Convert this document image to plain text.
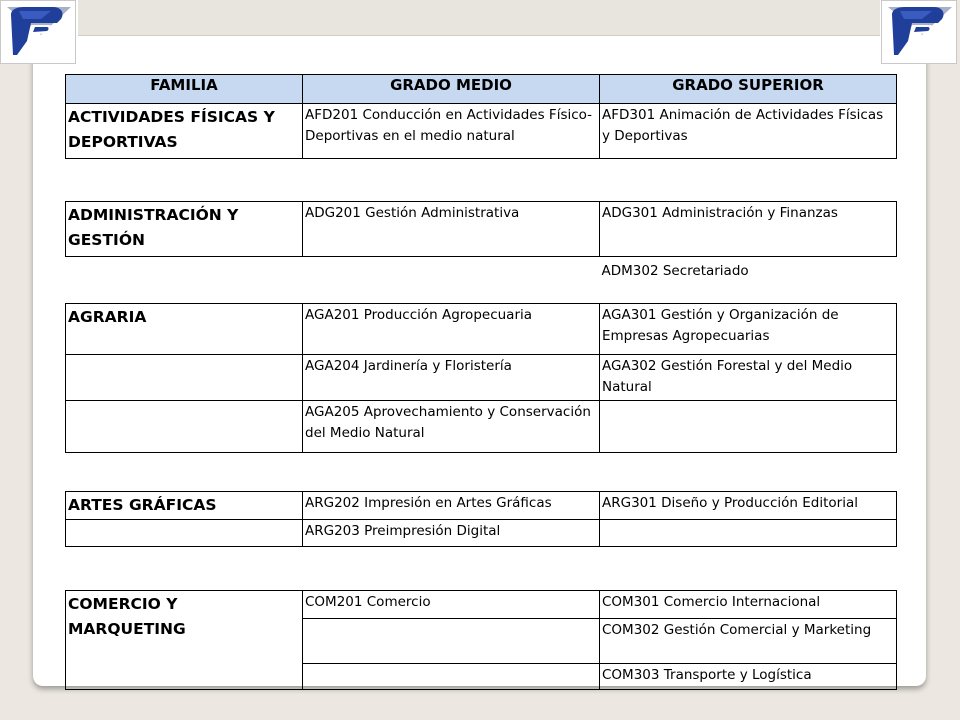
FAMILIA	GRADO MEDIO	GRADO SUPERIOR
ACTIVIDADES FÍSICAS Y DEPORTIVAS	AFD201 Conducción en Actividades Físico-Deportivas en el medio natural	AFD301 Animación de Actividades Físicas y Deportivas
ADMINISTRACIÓN Y GESTIÓN	ADG201 Gestión Administrativa	ADG301 Administración y Finanzas
		ADM302 Secretariado
AGRARIA	AGA201 Producción Agropecuaria	AGA301 Gestión y Organización de Empresas Agropecuarias
	AGA204 Jardinería y Floristería	AGA302 Gestión Forestal y del Medio Natural
	AGA205 Aprovechamiento y Conservación del Medio Natural	
ARTES GRÁFICAS	ARG202 Impresión en Artes Gráficas	ARG301 Diseño y Producción Editorial
	ARG203 Preimpresión Digital	
COMERCIO Y MARQUETING	COM201 Comercio	COM301 Comercio Internacional
		COM302 Gestión Comercial y Marketing
		COM303 Transporte y Logística
